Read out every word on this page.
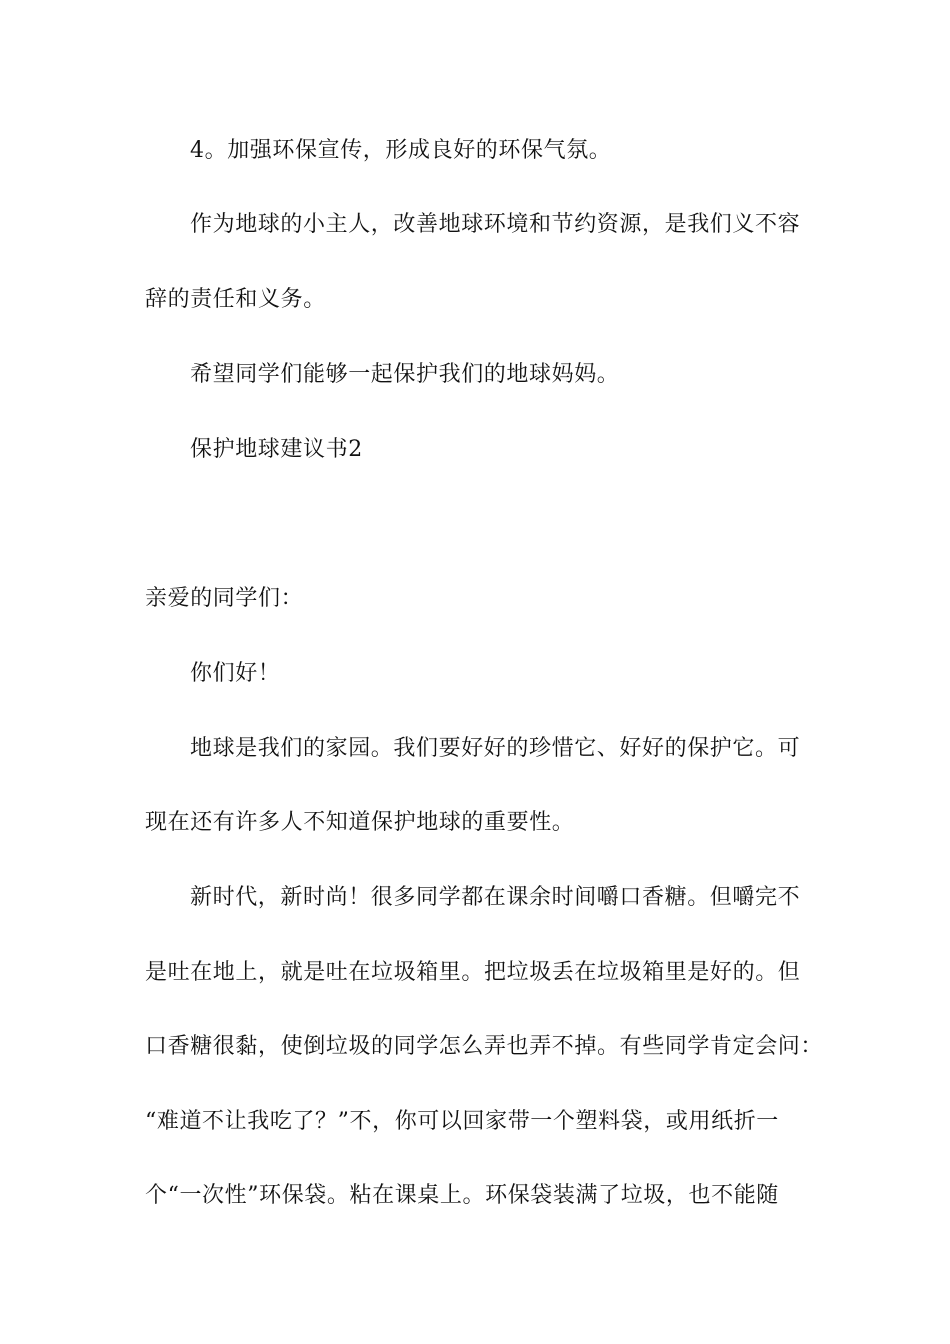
4。加强环保宣传，形成良好的环保气氛。
作为地球的小主人，改善地球环境和节约资源，是我们义不容
辞的责任和义务。
希望同学们能够一起保护我们的地球妈妈。
保护地球建议书2
亲爱的同学们：
你们好！
地球是我们的家园。我们要好好的珍惜它、好好的保护它。可
现在还有许多人不知道保护地球的重要性。
新时代，新时尚！很多同学都在课余时间嚼口香糖。但嚼完不
是吐在地上，就是吐在垃圾箱里。把垃圾丢在垃圾箱里是好的。但
口香糖很黏，使倒垃圾的同学怎么弄也弄不掉。有些同学肯定会问：
“难道不让我吃了？”不，你可以回家带一个塑料袋，或用纸折一
个“一次性”环保袋。粘在课桌上。环保袋装满了垃圾，也不能随
